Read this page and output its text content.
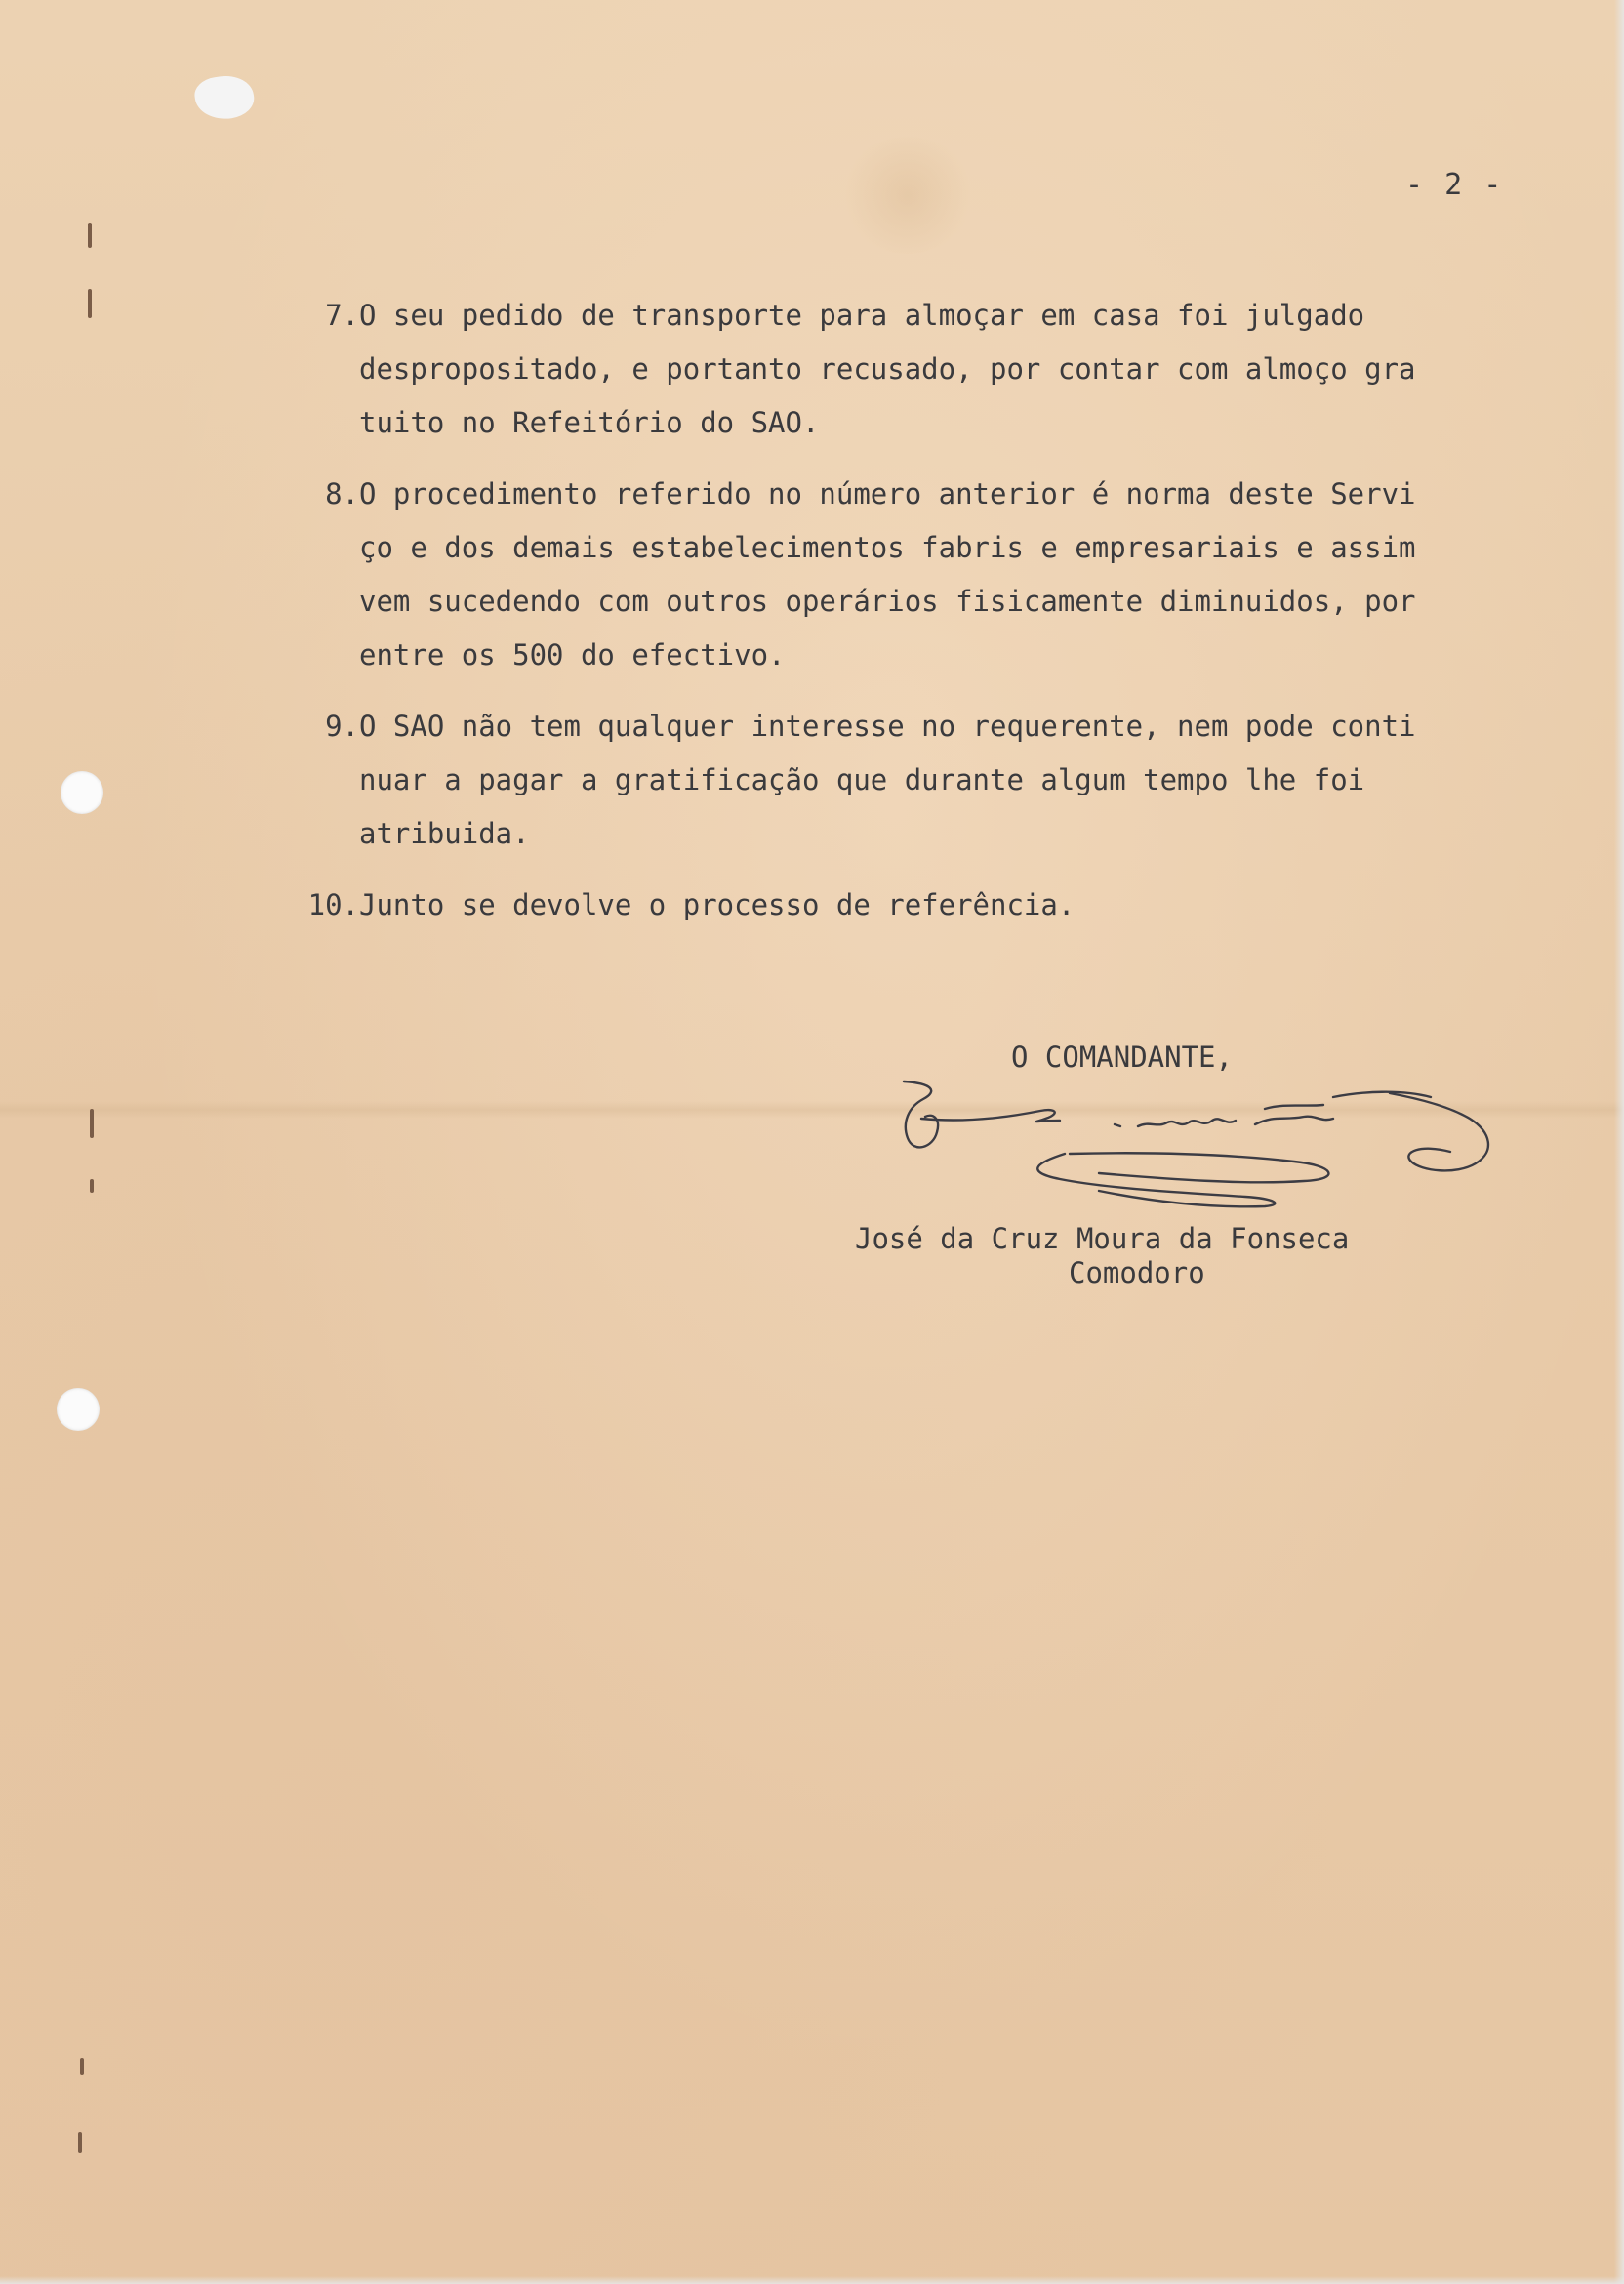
- 2 -
7. O seu pedido de transporte para almoçar em casa foi julgado
despropositado, e portanto recusado, por contar com almoço gra
tuito no Refeitório do SAO.
8. O procedimento referido no número anterior é norma deste Servi
ço e dos demais estabelecimentos fabris e empresariais e assim
vem sucedendo com outros operários fisicamente diminuidos, por
entre os 500 do efectivo.
9. O SAO não tem qualquer interesse no requerente, nem pode conti
nuar a pagar a gratificação que durante algum tempo lhe foi
atribuida.
10. Junto se devolve o processo de referência.
O COMANDANTE,
José da Cruz Moura da Fonseca
Comodoro
